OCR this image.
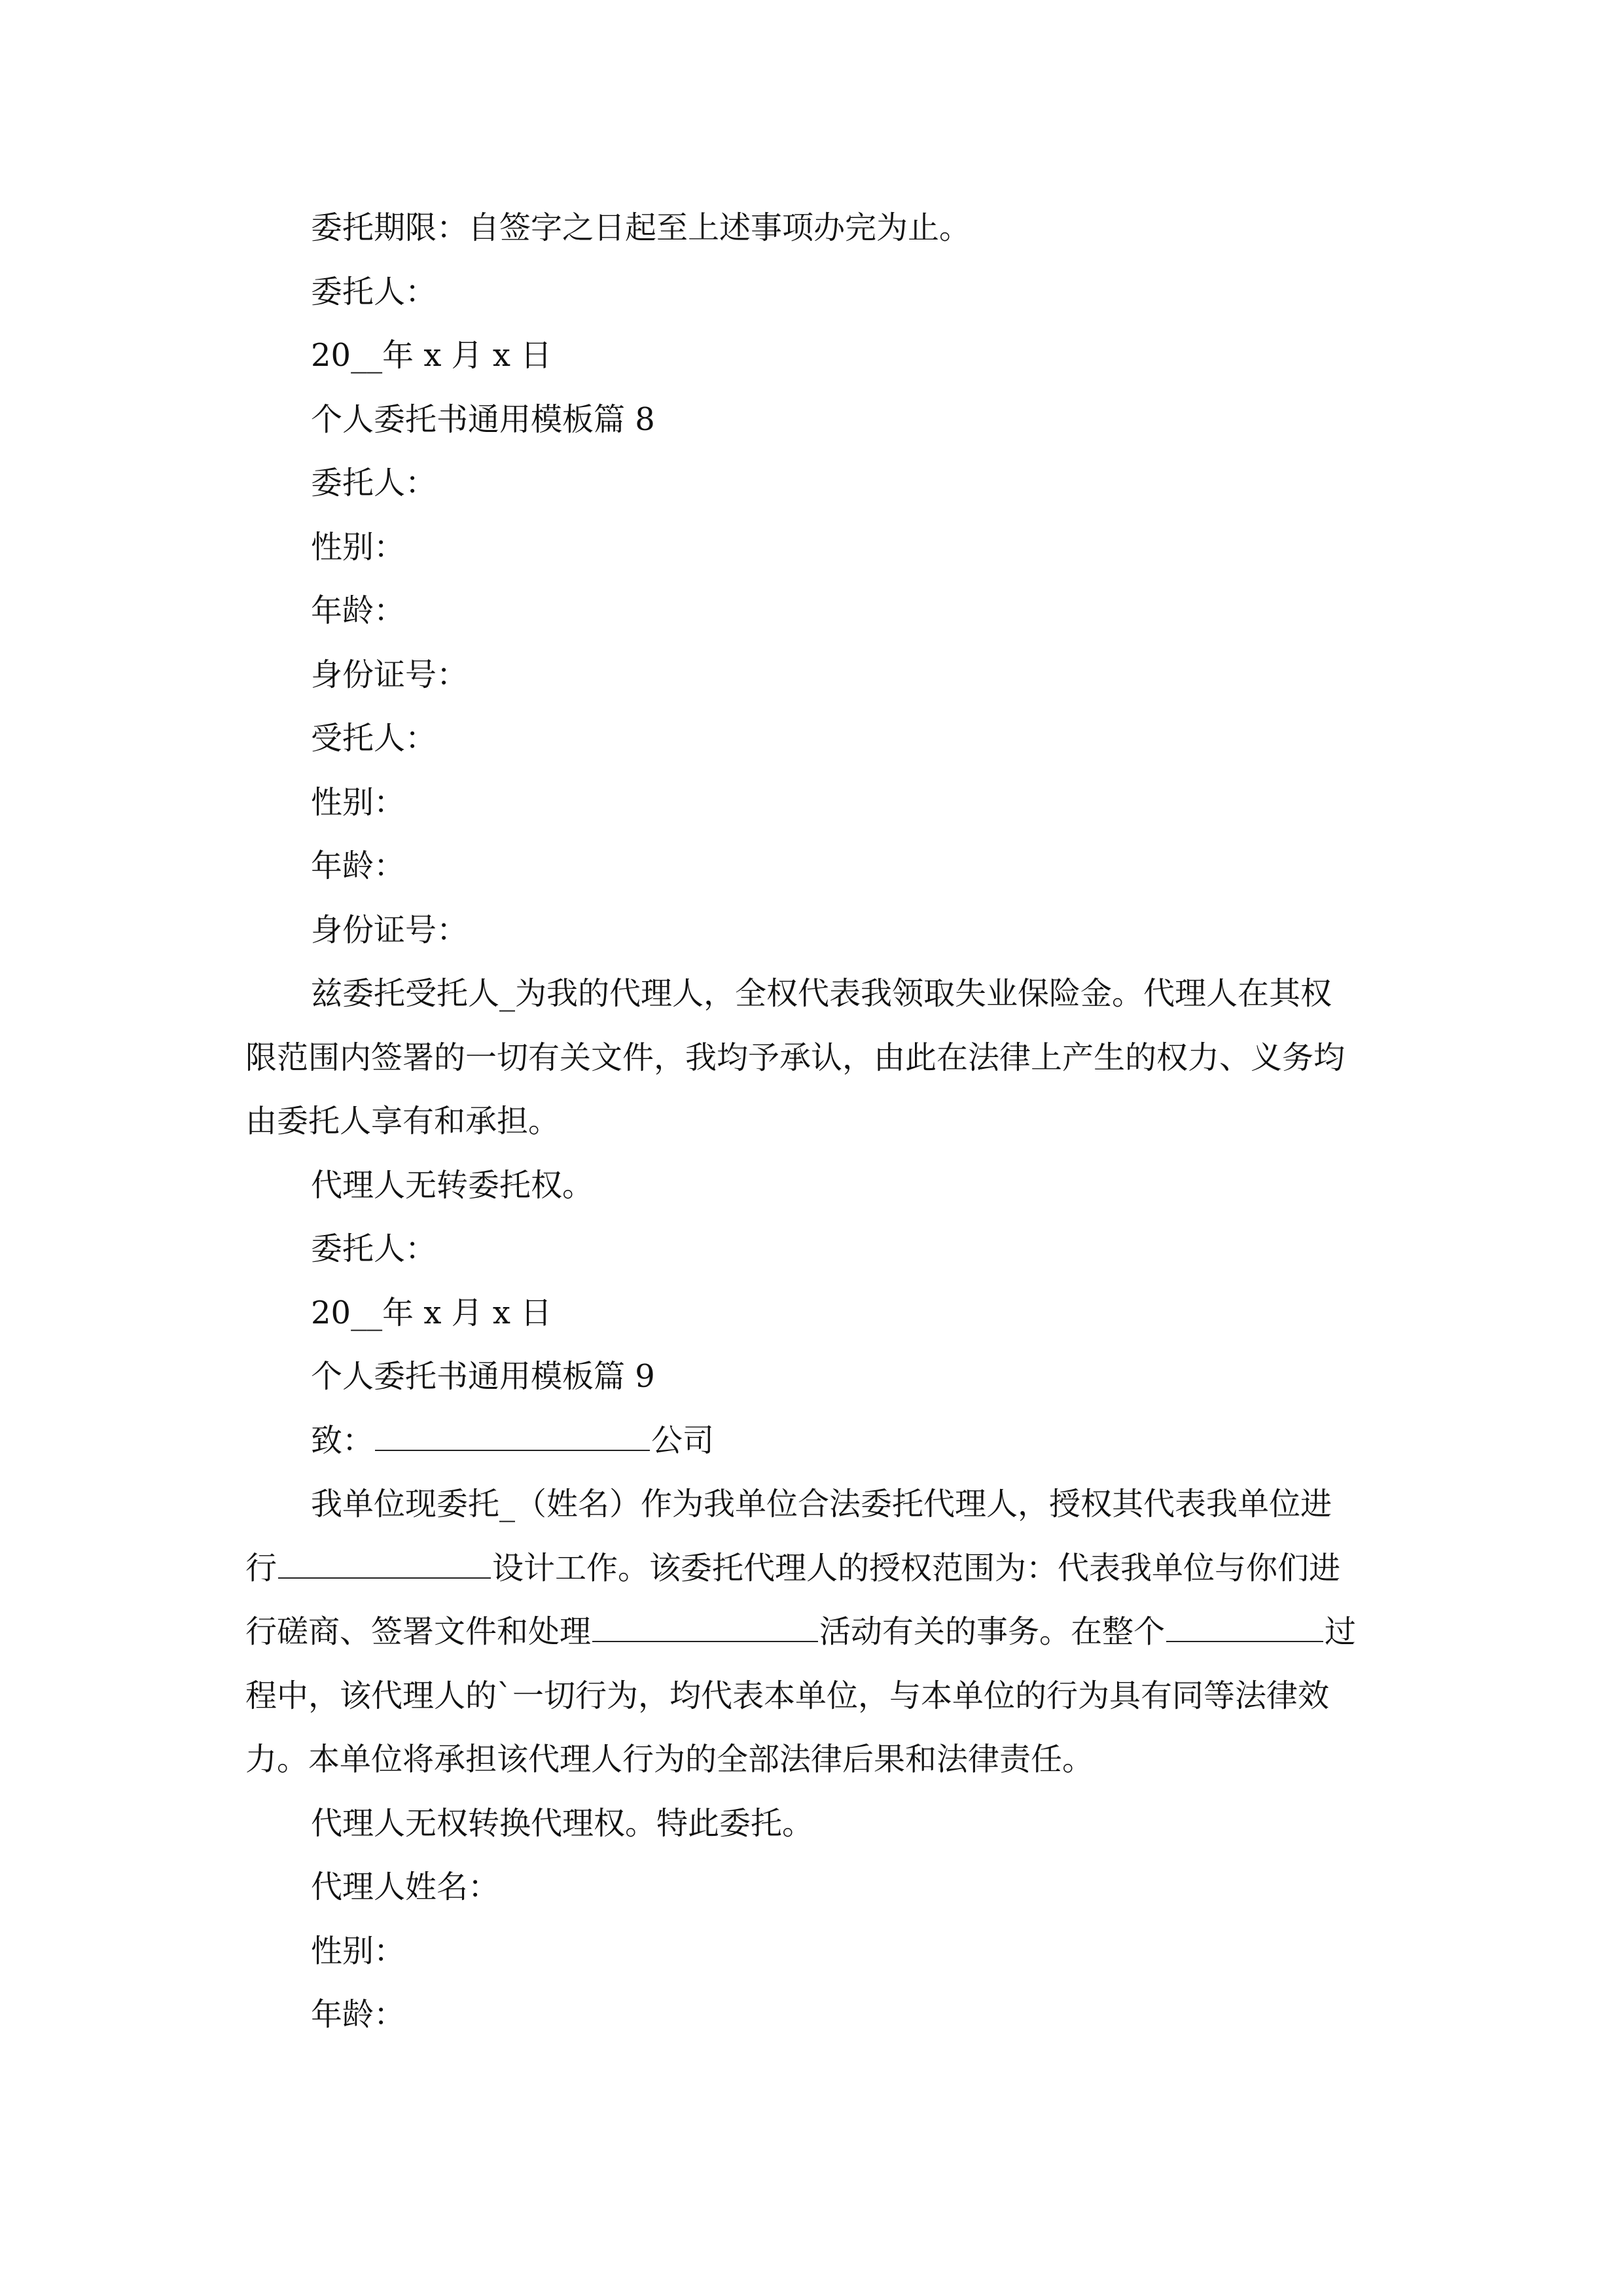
委托期限：自签字之日起至上述事项办完为止。
委托人：
20__年 x 月 x 日
个人委托书通用模板篇 8
委托人：
性别：
年龄：
身份证号：
受托人：
性别：
年龄：
身份证号：
兹委托受托人_为我的代理人，全权代表我领取失业保险金。代理人在其权
限范围内签署的一切有关文件，我均予承认，由此在法律上产生的权力、义务均
由委托人享有和承担。
代理人无转委托权。
委托人：
20__年 x 月 x 日
个人委托书通用模板篇 9
致：	公司
我单位现委托_（姓名）作为我单位合法委托代理人，授权其代表我单位进
行	设计工作。该委托代理人的授权范围为：代表我单位与你们进
行磋商、签署文件和处理	活动有关的事务。在整个	过
程中，该代理人的`一切行为，均代表本单位，与本单位的行为具有同等法律效
力。本单位将承担该代理人行为的全部法律后果和法律责任。
代理人无权转换代理权。特此委托。
代理人姓名：
性别：
年龄：
